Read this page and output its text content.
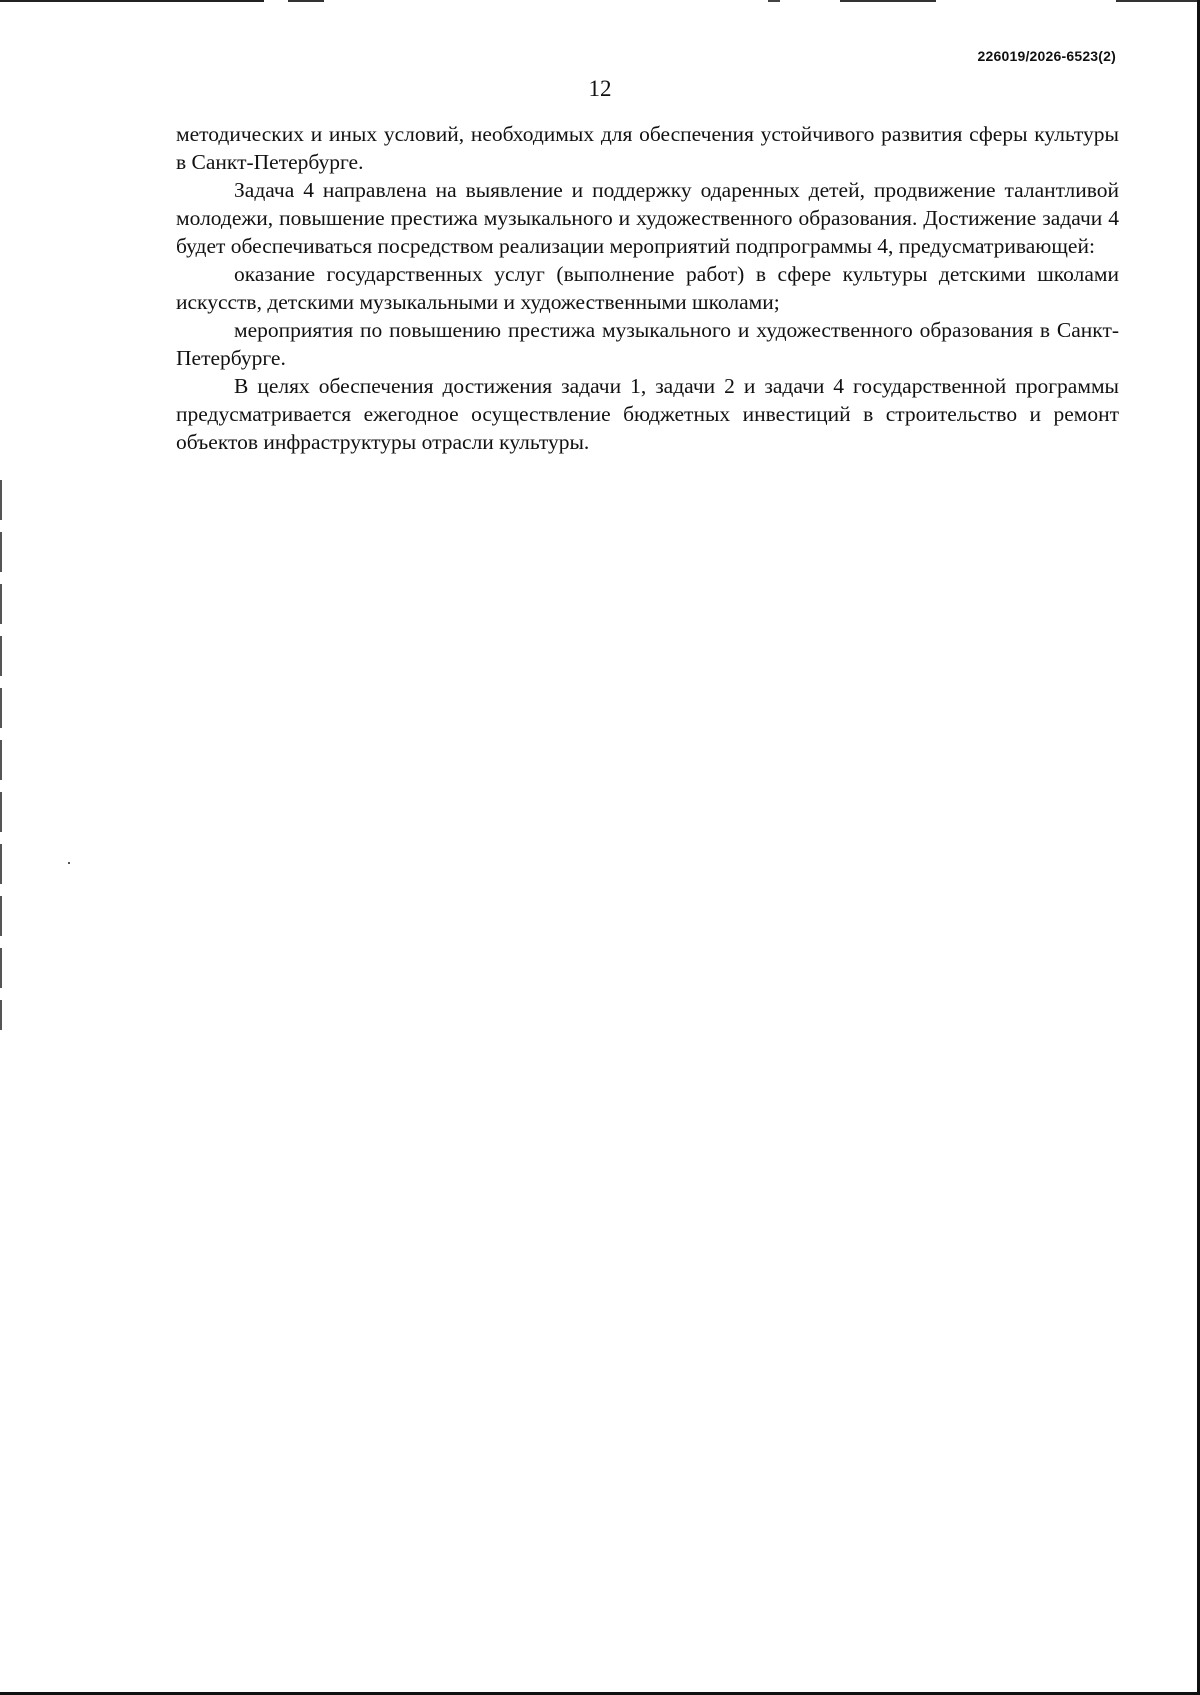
226019/2026-6523(2)
12

методических и иных условий, необходимых для обеспечения устойчивого развития сферы культуры в Санкт-Петербурге.

Задача 4 направлена на выявление и поддержку одаренных детей, продвижение талантливой молодежи, повышение престижа музыкального и художественного образования. Достижение задачи 4 будет обеспечиваться посредством реализации мероприятий подпрограммы 4, предусматривающей:

оказание государственных услуг (выполнение работ) в сфере культуры детскими школами искусств, детскими музыкальными и художественными школами;

мероприятия по повышению престижа музыкального и художественного образования в Санкт-Петербурге.

В целях обеспечения достижения задачи 1, задачи 2 и задачи 4 государственной программы предусматривается ежегодное осуществление бюджетных инвестиций в строительство и ремонт объектов инфраструктуры отрасли культуры.
